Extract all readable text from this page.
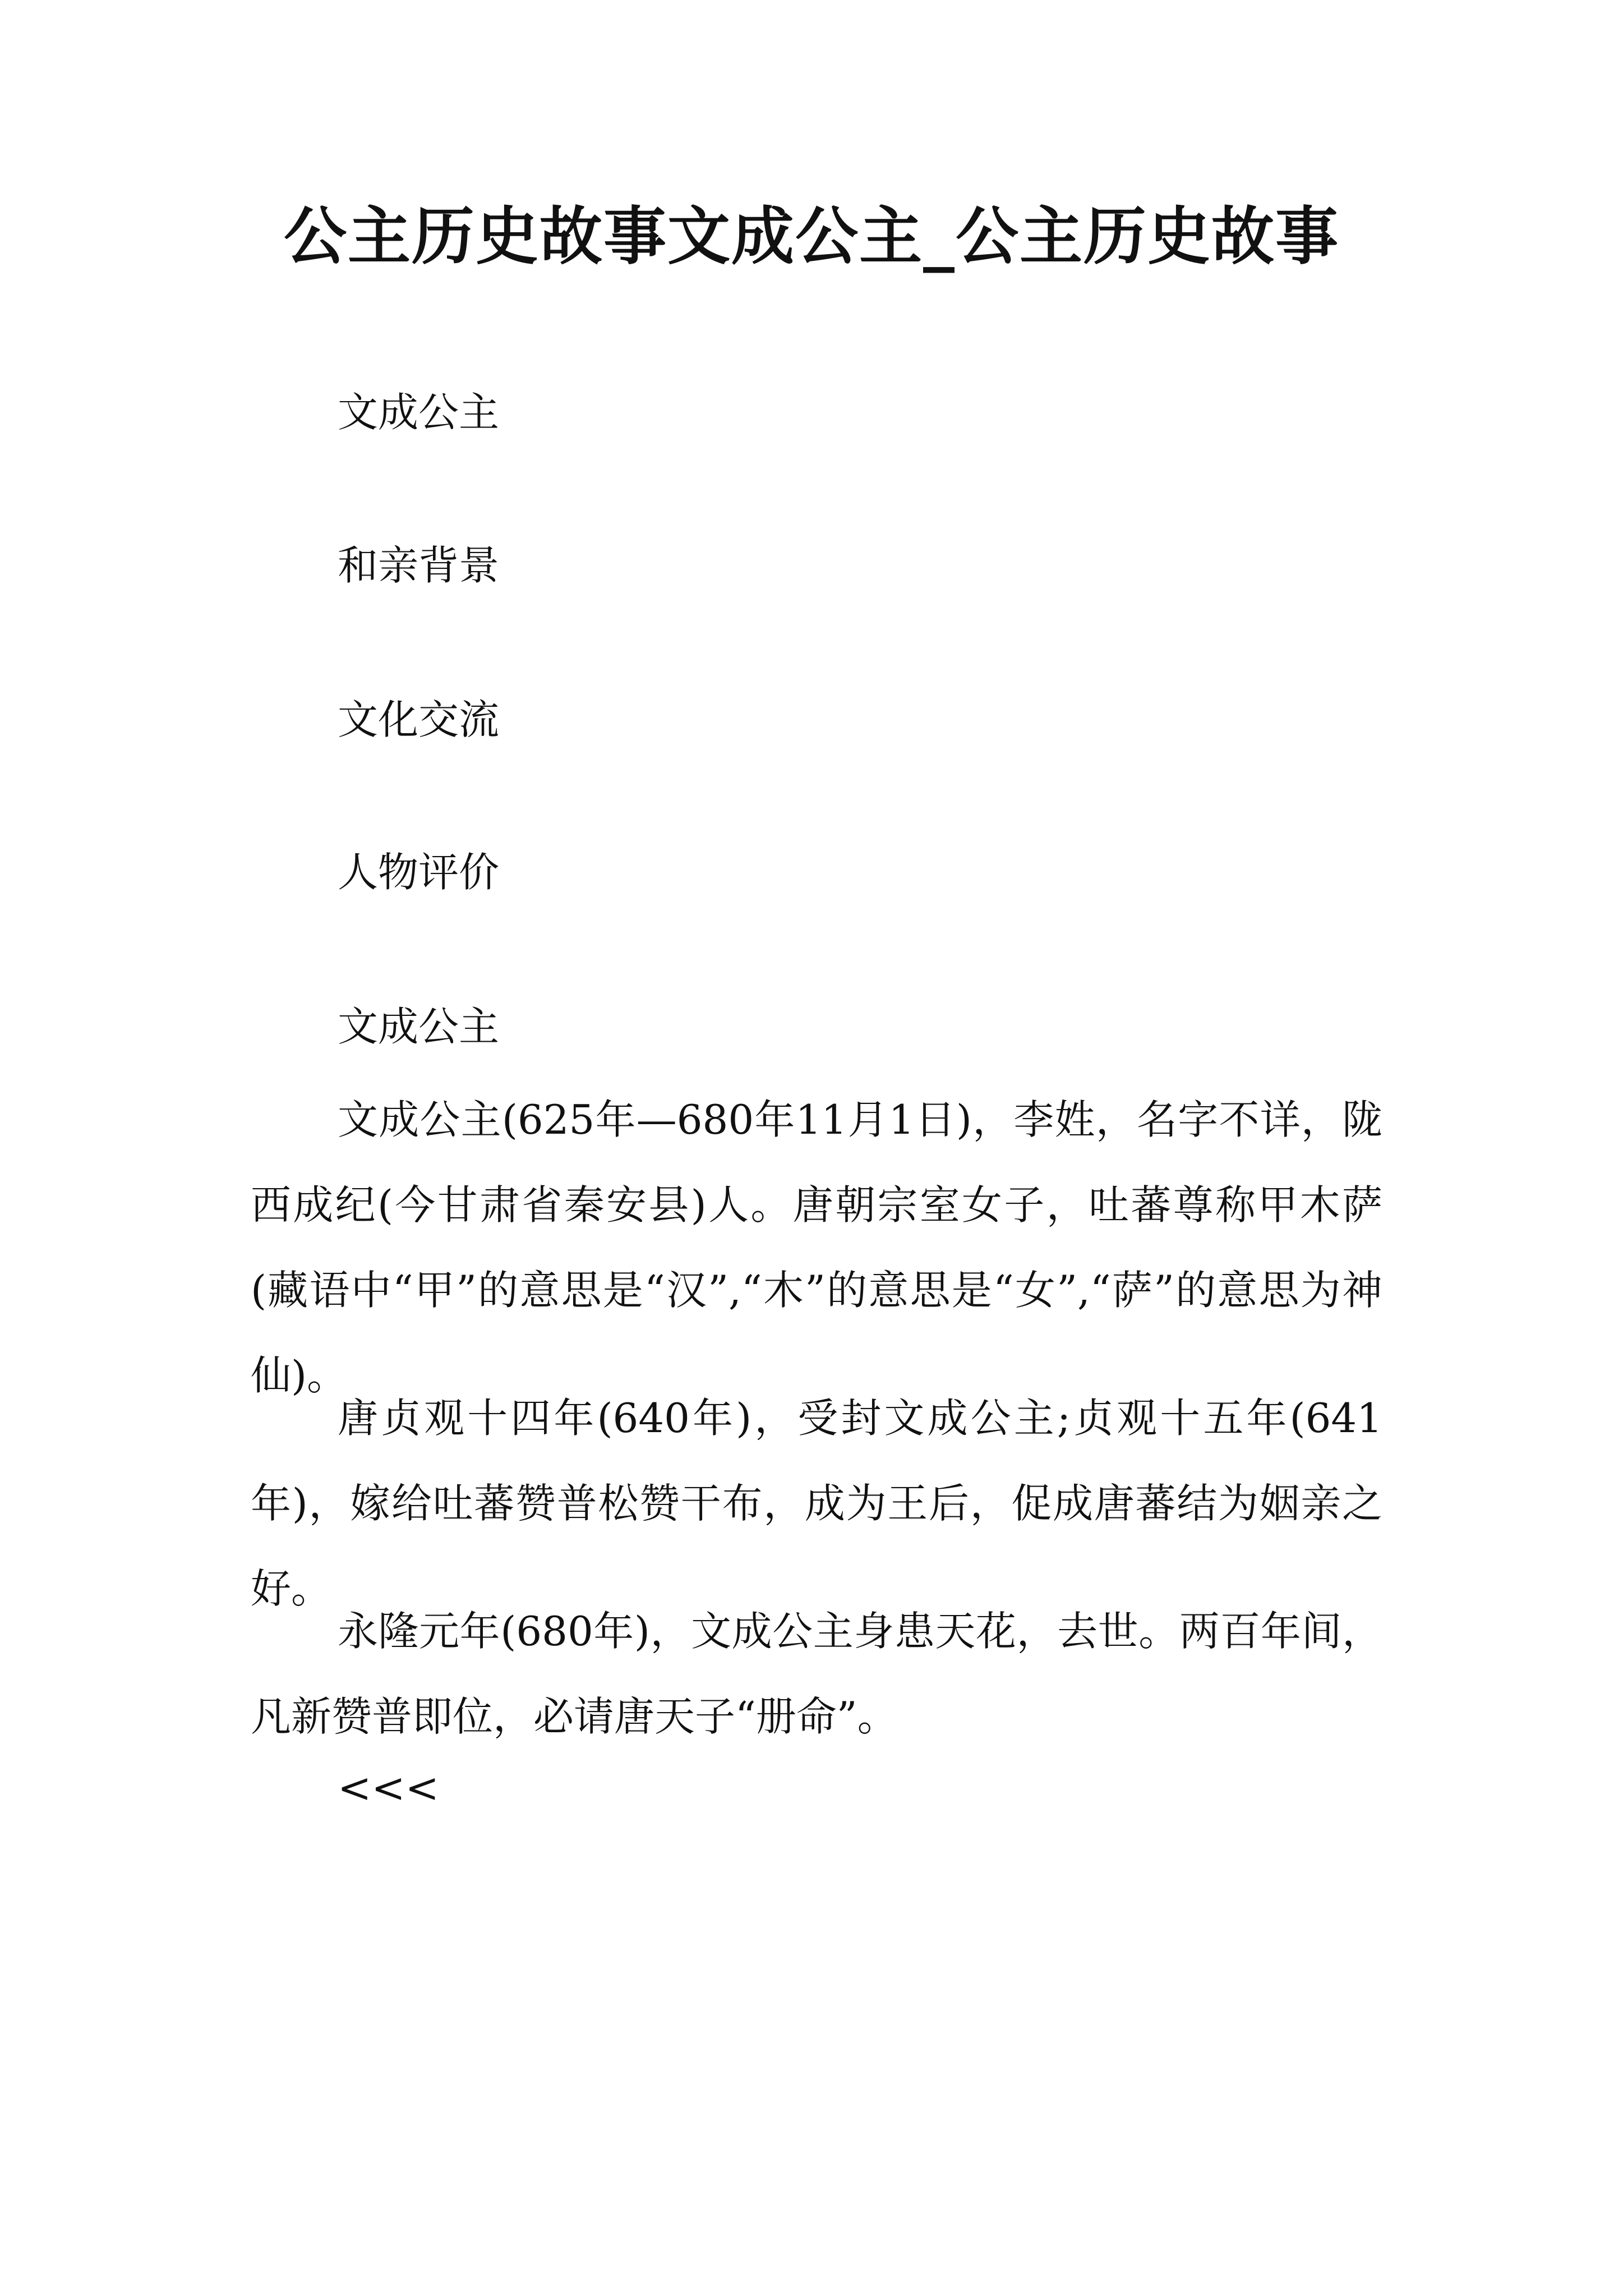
公主历史故事文成公主_公主历史故事

文成公主

和亲背景

文化交流

人物评价

文成公主

文成公主(625年—680年11月1日)，李姓，名字不详，陇西成纪(今甘肃省秦安县)人。唐朝宗室女子，吐蕃尊称甲木萨(藏语中“甲”的意思是“汉”,“木”的意思是“女”,“萨”的意思为神仙)。

唐贞观十四年(640年)，受封文成公主;贞观十五年(641年)，嫁给吐蕃赞普松赞干布，成为王后，促成唐蕃结为姻亲之好。

永隆元年(680年)，文成公主身患天花，去世。两百年间，凡新赞普即位，必请唐天子“册命”。

<<<
